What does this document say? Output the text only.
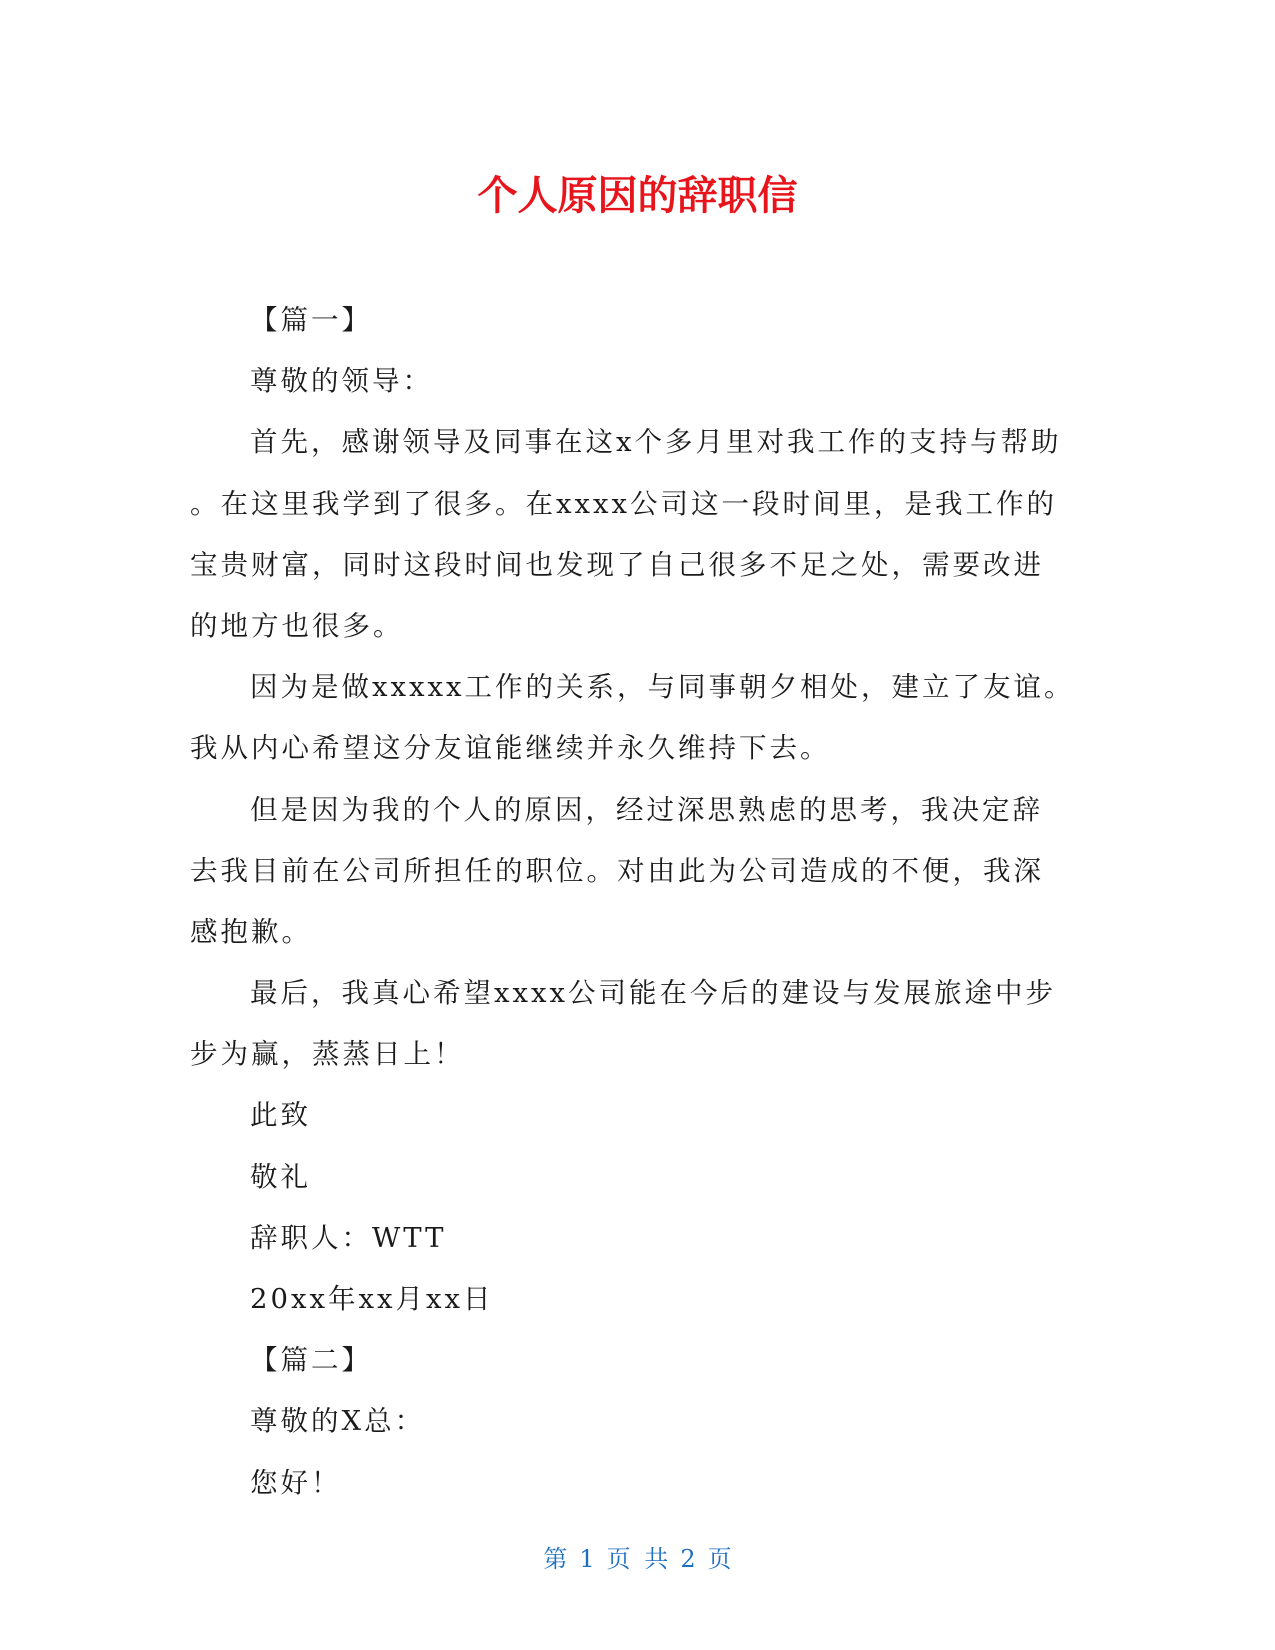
个人原因的辞职信
【篇一】
尊敬的领导：
首先，感谢领导及同事在这x个多月里对我工作的支持与帮助
。在这里我学到了很多。在xxxx公司这一段时间里，是我工作的
宝贵财富，同时这段时间也发现了自己很多不足之处，需要改进
的地方也很多。
因为是做xxxxx工作的关系，与同事朝夕相处，建立了友谊。
我从内心希望这分友谊能继续并永久维持下去。
但是因为我的个人的原因，经过深思熟虑的思考，我决定辞
去我目前在公司所担任的职位。对由此为公司造成的不便，我深
感抱歉。
最后，我真心希望xxxx公司能在今后的建设与发展旅途中步
步为赢，蒸蒸日上！
此致
敬礼
辞职人：WTT
20xx年xx月xx日
【篇二】
尊敬的X总：
您好！
第 1 页 共 2 页
